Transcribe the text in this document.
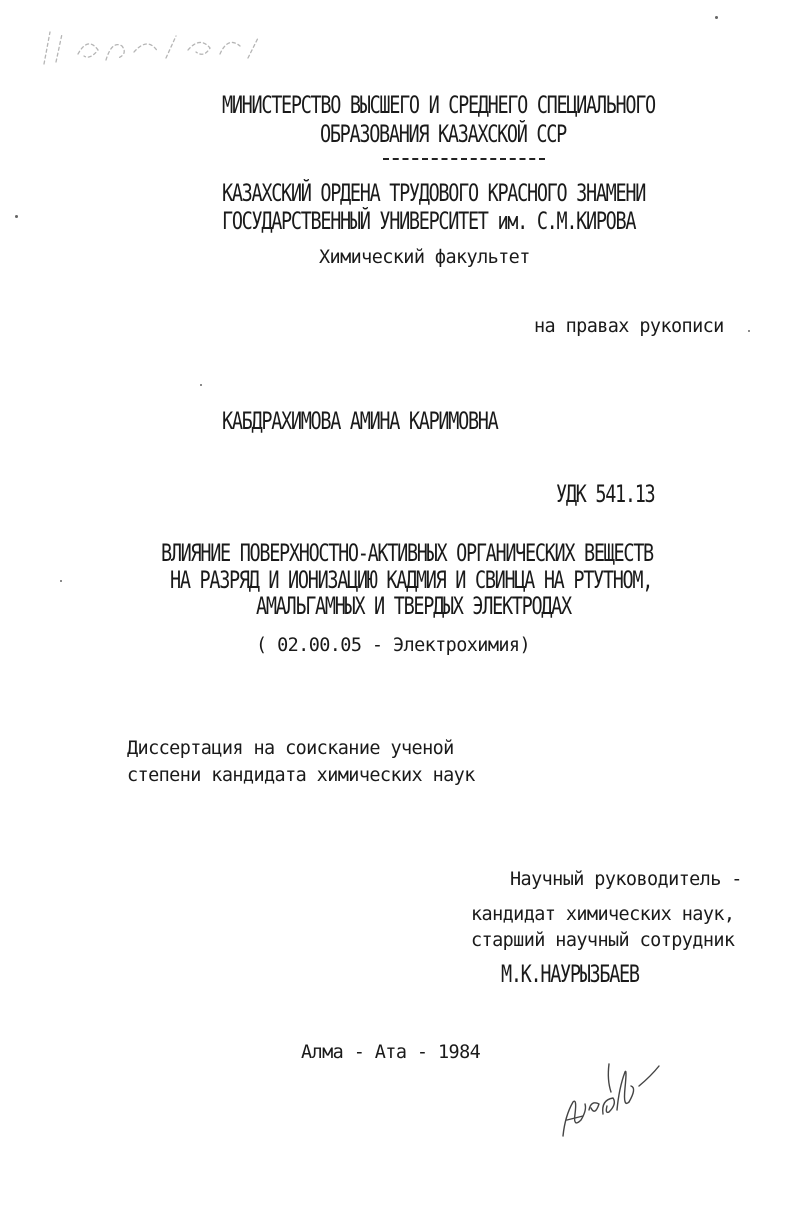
МИНИСТЕРСТВО ВЫСШЕГО И СРЕДНЕГО СПЕЦИАЛЬНОГО
ОБРАЗОВАНИЯ КАЗАХСКОЙ ССР
КАЗАХСКИЙ ОРДЕНА ТРУДОВОГО КРАСНОГО ЗНАМЕНИ
ГОСУДАРСТВЕННЫЙ УНИВЕРСИТЕТ им. С.М.КИРОВА
Химический факультет
на правах рукописи
КАБДРАХИМОВА АМИНА КАРИМОВНА
УДК 541.13
ВЛИЯНИЕ ПОВЕРХНОСТНО-АКТИВНЫХ ОРГАНИЧЕСКИХ ВЕЩЕСТВ
НА РАЗРЯД И ИОНИЗАЦИЮ КАДМИЯ И СВИНЦА НА РТУТНОМ,
АМАЛЬГАМНЫХ И ТВЕРДЫХ ЭЛЕКТРОДАХ
( 02.00.05 - Электрохимия)
Диссертация на соискание ученой
степени кандидата химических наук
Научный руководитель -
кандидат химических наук,
старший научный сотрудник
М.К.НАУРЫЗБАЕВ
Алма - Ата - 1984
